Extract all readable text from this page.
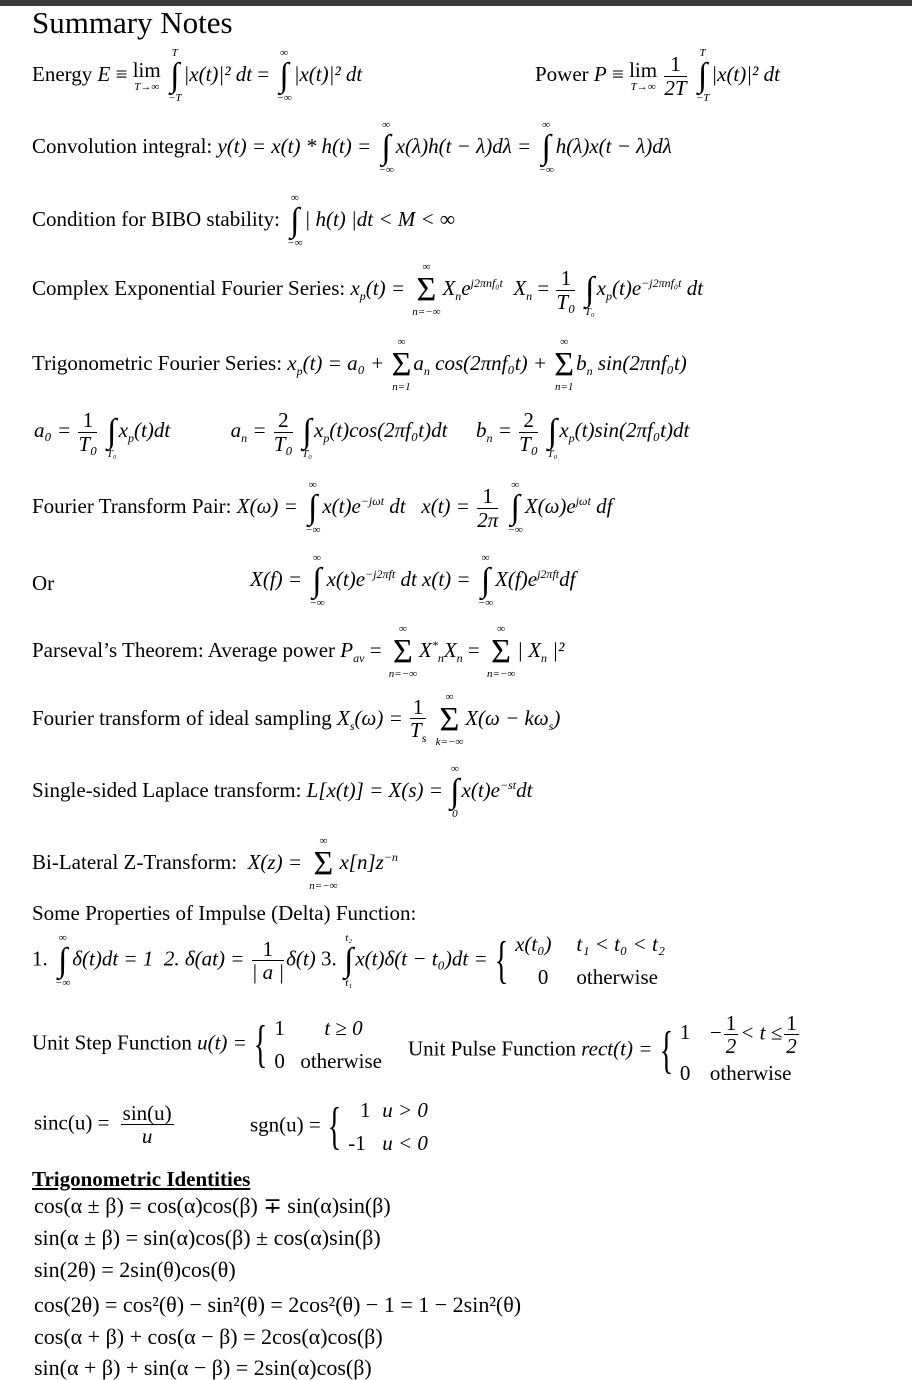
Summary Notes
Energy E ≡ lim
T→∞

T
∫
−T
|x(t)|² dt =
∞
∫
−∞
|x(t)|² dt	Power P ≡ lim
T→∞
$\frac{1}{2T}$

T
∫
−T
|x(t)|² dt
Convolution integral: y(t) = x(t) * h(t) =
∞
∫
−∞
x(λ)h(t − λ)dλ =
∞
∫
−∞
h(λ)x(t − λ)dλ
Condition for BIBO stability:
∞
∫
−∞
| h(t) |dt < M < ∞
Complex Exponential Fourier Series: $x_p(t)$ =
∞
Σ
n=−∞
$X_ne^{j2\pi nf_0t}$ $X_n = \frac{1}{\text{T₀}}$
∫
T₀
$x_p(t)e^{-j2\pi nf_0t}$ dt
Trigonometric Fourier Series: $x_p(t) = a_0$ +
∞
Σ
n=1
$a_n$ cos(2πnf₀t) +
∞
Σ
n=1
$b_n$ sin(2πnf₀t)
$a_0 = \frac{1}{\text{T₀}}$
∫
T₀
$x_p(t)dt$	$a_n = \frac{2}{\text{T₀}}$
∫
T₀
$x_p(t)\cos(2\pi f_0t)dt$ $b_n = \frac{2}{\text{T₀}}$
∫
T₀
$x_p(t)\sin(2\pi f_0t)dt$
Fourier Transform Pair: X(ω) =
∞
∫
−∞
$x(t)e^{-j\omega t}$ dt $x(t) = \frac{1}{2\pi}$

∞
∫
−∞
$X(\omega)e^{j\omega t}$ df
Or	X(f) =
∞
∫
−∞
$x(t)e^{-j2\pi ft}$ dt x(t) =
∞
∫
−∞
$X(f)e^{j2\pi ft}df$
Parseval’s Theorem: Average power $P_{av}$ =
∞
Σ
n=−∞
$X^*_nX_n$ =
∞
Σ
n=−∞
| $X_n$ |²
Fourier transform of ideal sampling $X_s(\omega) = \frac{1}{T_s}$
	∞
Σ
k=−∞
$X(\omega - k\omega_s)$
Single-sided Laplace transform: L[x(t)] = X(s) =
∞
∫
0
$x(t)e^{-st}dt$
Bi-Lateral Z-Transform: X(z) =
∞
Σ
n=−∞
$x[n]z^{-n}$
Some Properties of Impulse (Delta) Function:
1.
∞
∫
−∞
δ(t)dt = 1 2. $\delta(at) = \frac{1}{| a |} \delta(t)$ 3.
t₂
∫
t₁
x(t)δ(t − t₀)dt = { x(t₀) t₁ < t₀ < t₂
0 otherwise
Unit Step Function u(t) = { 1 t ≥ 0
0 otherwise Unit Pulse Function rect(t) = { $1 - \frac{1}{2} < t \le \frac{1}{2}$
0 otherwise
$\sin c(u) = \frac{\sin(u)}{u}$	sgn(u) = { 1 u > 0
-1 u < 0
Trigonometric Identities
cos(α ± β) = cos(α)cos(β) ∓ sin(α)sin(β)
sin(α ± β) = sin(α)cos(β) ± cos(α)sin(β)
sin(2θ) = 2sin(θ)cos(θ)
cos(2θ) = cos²(θ) − sin²(θ) = 2cos²(θ) − 1 = 1 − 2sin²(θ)
cos(α + β) + cos(α − β) = 2cos(α)cos(β)
sin(α + β) + sin(α − β) = 2sin(α)cos(β)
